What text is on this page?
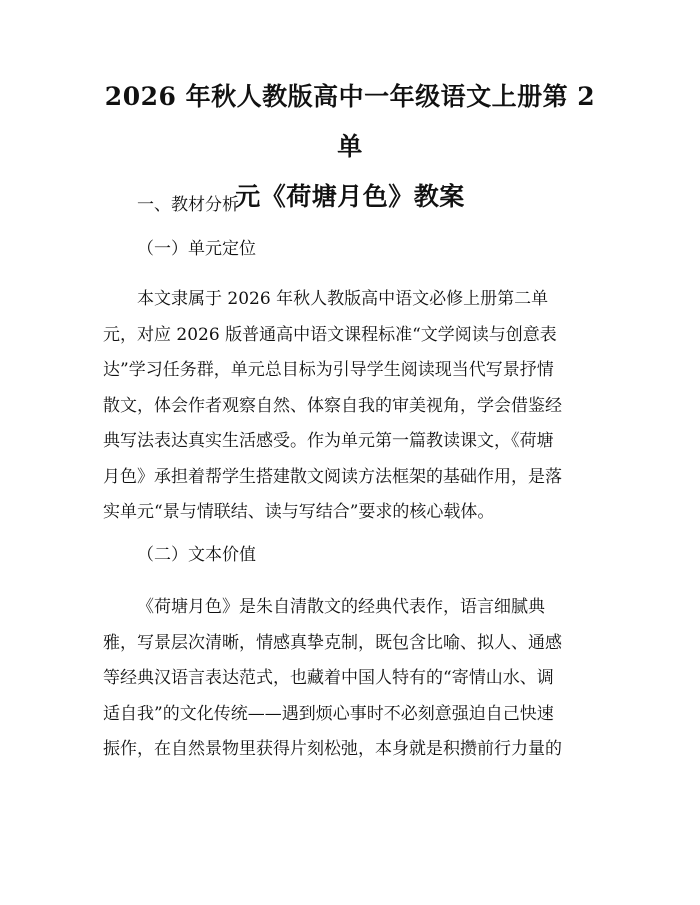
2026 年秋人教版高中一年级语文上册第 2 单
元《荷塘月色》教案

一、教材分析

（一）单元定位

本文隶属于 2026 年秋人教版高中语文必修上册第二单
元，对应 2026 版普通高中语文课程标准“文学阅读与创意表
达”学习任务群，单元总目标为引导学生阅读现当代写景抒情
散文，体会作者观察自然、体察自我的审美视角，学会借鉴经
典写法表达真实生活感受。作为单元第一篇教读课文，《荷塘
月色》承担着帮学生搭建散文阅读方法框架的基础作用，是落
实单元“景与情联结、读与写结合”要求的核心载体。

（二）文本价值

《荷塘月色》是朱自清散文的经典代表作，语言细腻典
雅，写景层次清晰，情感真挚克制，既包含比喻、拟人、通感
等经典汉语言表达范式，也藏着中国人特有的“寄情山水、调
适自我”的文化传统——遇到烦心事时不必刻意强迫自己快速
振作，在自然景物里获得片刻松弛，本身就是积攒前行力量的
